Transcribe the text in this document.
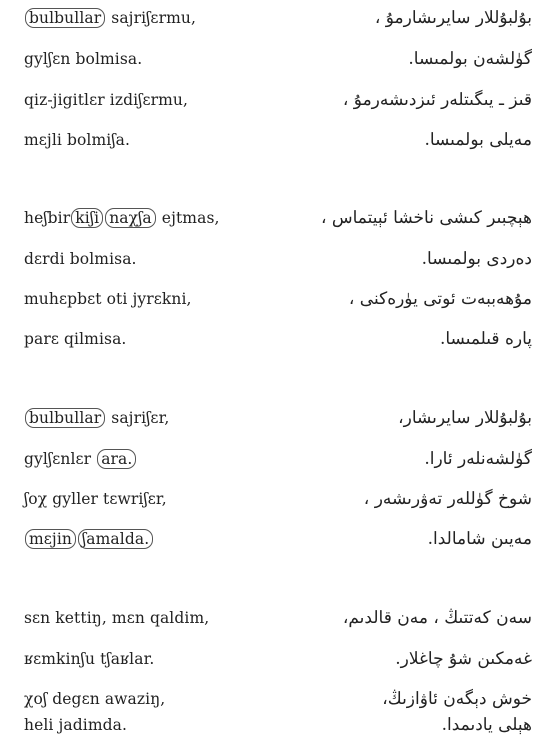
bulbullar sajriʃɛrmu,	بۇلبۇللار سايرىشارمۇ ،
gylʃɛn bolmisa.	گۈلشەن بولمىسا.
qiz-jigitlɛr izdiʃɛrmu,	قىز ـ يىگىتلەر ئىزدىشەرمۇ ،
mɛjli bolmiʃa.	مەيلى بولمىسا.
heʃbir kiʃi naχʃa ejtmas,	ھېچبىر كىشى ناخشا ئېيتماس ،
dɛrdi bolmisa.	دەردى بولمىسا.
muhɛpbɛt oti jyrɛkni,	مۇھەببەت ئوتى يۈرەكنى ،
parɛ qilmisa.	پارە قىلمىسا.
bulbullar sajriʃɛr,	بۇلبۇللار سايرىشار،
gylʃɛnlɛr ara.	گۈلشەنلەر ئارا.
ʃoχ gyller tɛwriʃɛr,	شوخ گۈللەر تەۋرىشەر ،
mɛjin ʃamalda.	مەيىن شامالدا.
sɛn kettiŋ, mɛn qaldim,	سەن كەتتىڭ ، مەن قالدىم،
ʁɛmkinʃu tʃaʁlar.	غەمكىن شۇ چاغلار.
χoʃ degɛn awaziŋ,	خوش دېگەن ئاۋازىڭ،
heli jadimda.	ھېلى يادىمدا.
